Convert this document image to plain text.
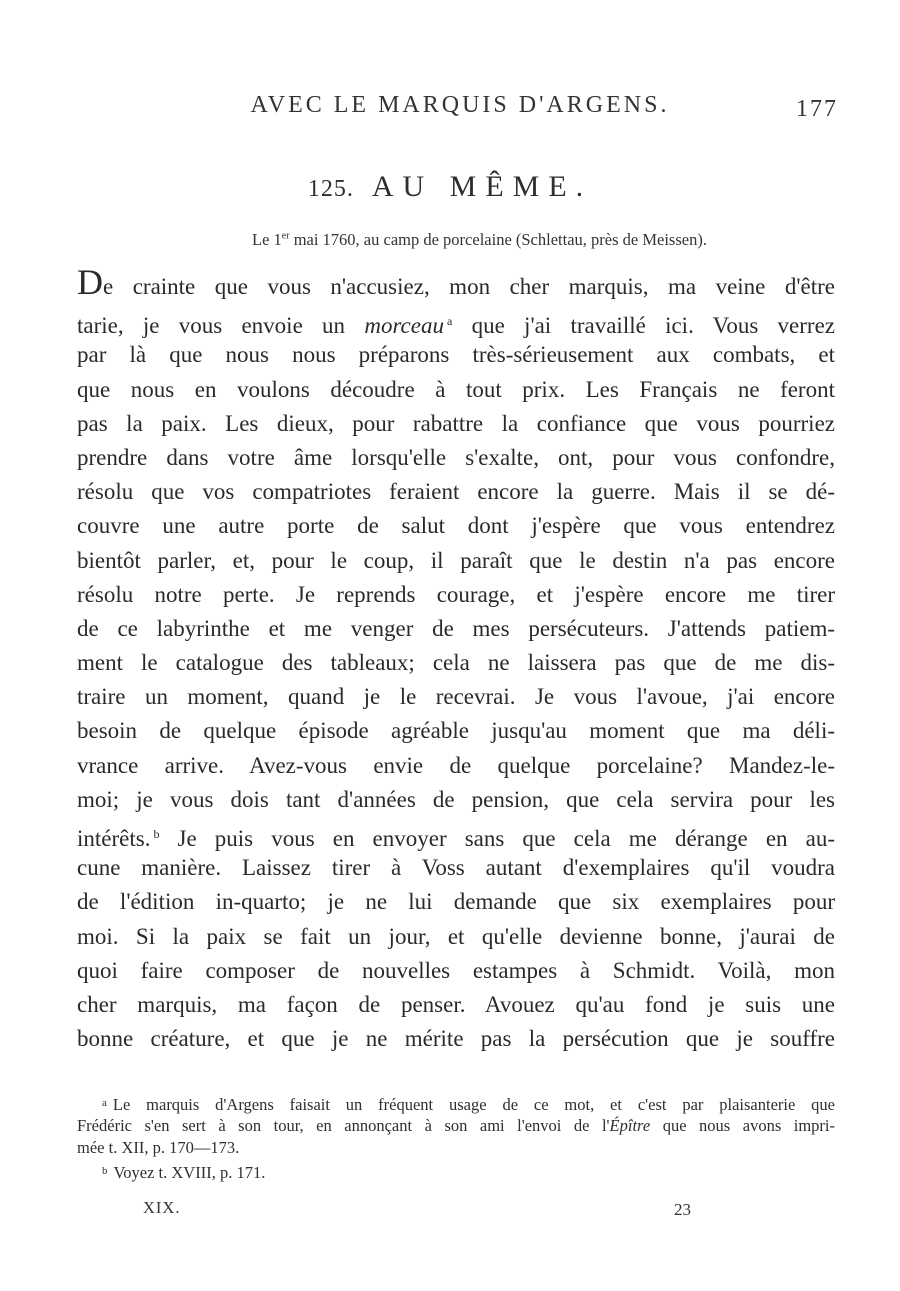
AVEC LE MARQUIS D'ARGENS.	177
125. AU MÊME.
Le 1er mai 1760, au camp de porcelaine (Schlettau, près de Meissen).
De crainte que vous n'accusiez, mon cher marquis, ma veine d'être
tarie, je vous envoie un morceau $^a$ que j'ai travaillé ici. Vous verrez
par là que nous nous préparons très-sérieusement aux combats, et
que nous en voulons découdre à tout prix. Les Français ne feront
pas la paix. Les dieux, pour rabattre la confiance que vous pourriez
prendre dans votre âme lorsqu'elle s'exalte, ont, pour vous confondre,
résolu que vos compatriotes feraient encore la guerre. Mais il se dé-
couvre une autre porte de salut dont j'espère que vous entendrez
bientôt parler, et, pour le coup, il paraît que le destin n'a pas encore
résolu notre perte. Je reprends courage, et j'espère encore me tirer
de ce labyrinthe et me venger de mes persécuteurs. J'attends patiem-
ment le catalogue des tableaux; cela ne laissera pas que de me dis-
traire un moment, quand je le recevrai. Je vous l'avoue, j'ai encore
besoin de quelque épisode agréable jusqu'au moment que ma déli-
vrance arrive. Avez-vous envie de quelque porcelaine? Mandez-le-
moi; je vous dois tant d'années de pension, que cela servira pour les
intérêts. $^b$ Je puis vous en envoyer sans que cela me dérange en au-
cune manière. Laissez tirer à Voss autant d'exemplaires qu'il voudra
de l'édition in-quarto; je ne lui demande que six exemplaires pour
moi. Si la paix se fait un jour, et qu'elle devienne bonne, j'aurai de
quoi faire composer de nouvelles estampes à Schmidt. Voilà, mon
cher marquis, ma façon de penser. Avouez qu'au fond je suis une
bonne créature, et que je ne mérite pas la persécution que je souffre
$^a$ Le marquis d'Argens faisait un fréquent usage de ce mot, et c'est par plaisanterie que
Frédéric s'en sert à son tour, en annonçant à son ami l'envoi de l'Épître que nous avons impri-
mée t. XII, p. 170—173.
$^b$ Voyez t. XVIII, p. 171.
XIX.	23
